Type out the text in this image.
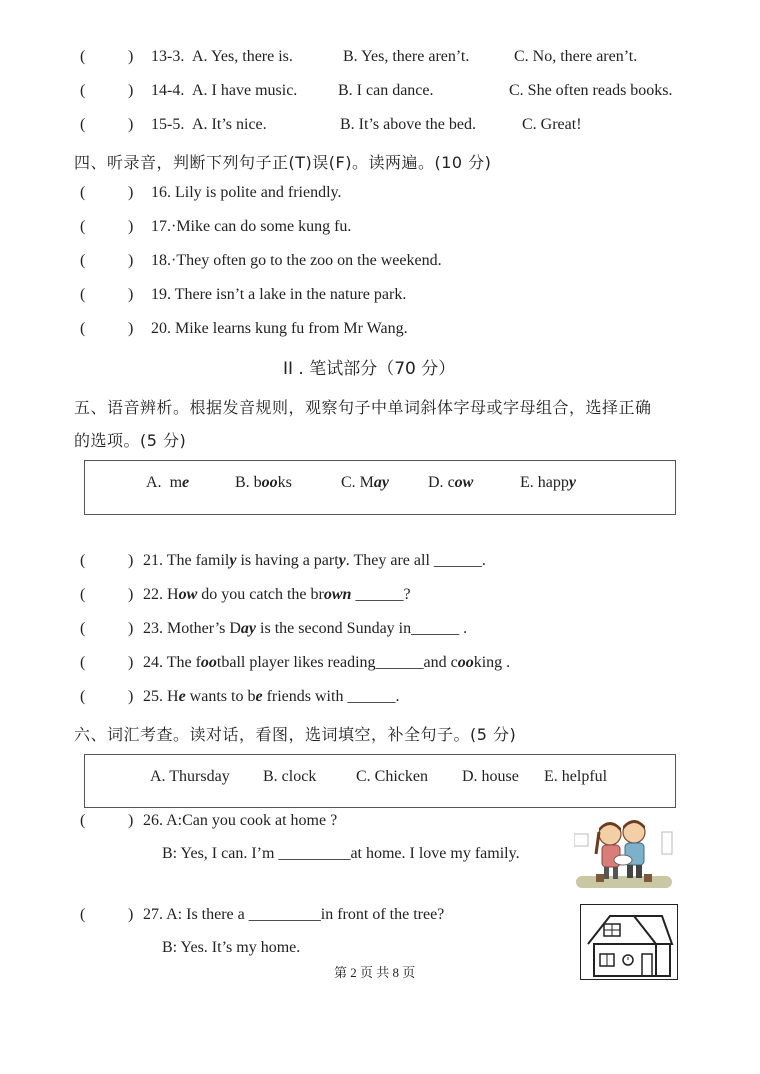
(	) 13-3. A. Yes, there is.	B. Yes, there aren’t.	C. No, there aren’t.
(	) 14-4. A. I have music.	B. I can dance.	C. She often reads books.
(	) 15-5. A. It’s nice.	B. It’s above the bed.	C. Great!
四、听录音，判断下列句子正(T)误(F)。读两遍。(10 分)
(	) 16. Lily is polite and friendly.
(	) 17.·Mike can do some kung fu.
(	) 18.·They often go to the zoo on the weekend.
(	) 19. There isn’t a lake in the nature park.
(	) 20. Mike learns kung fu from Mr Wang.
II . 笔试部分（70 分）
五、语音辨析。根据发音规则，观察句子中单词斜体字母或字母组合，选择正确
的选项。(5 分)
A. me	B. books	C. May D. cow	E. happy
(	) 21. The family is having a party. They are all ______.
(	) 22. How do you catch the brown ______?
(	) 23. Mother’s Day is the second Sunday in______ .
(	) 24. The football player likes reading______and cooking .
(	) 25. He wants to be friends with ______.
六、词汇考查。读对话，看图，选词填空，补全句子。(5 分)
A. Thursday B. clock C. Chicken D. house E. helpful
(	) 26. A:Can you cook at home ?
B: Yes, I can. I’m _________at home. I love my family.
(	) 27. A: Is there a _________in front of the tree?
B: Yes. It’s my home.
第 2 页 共 8 页
